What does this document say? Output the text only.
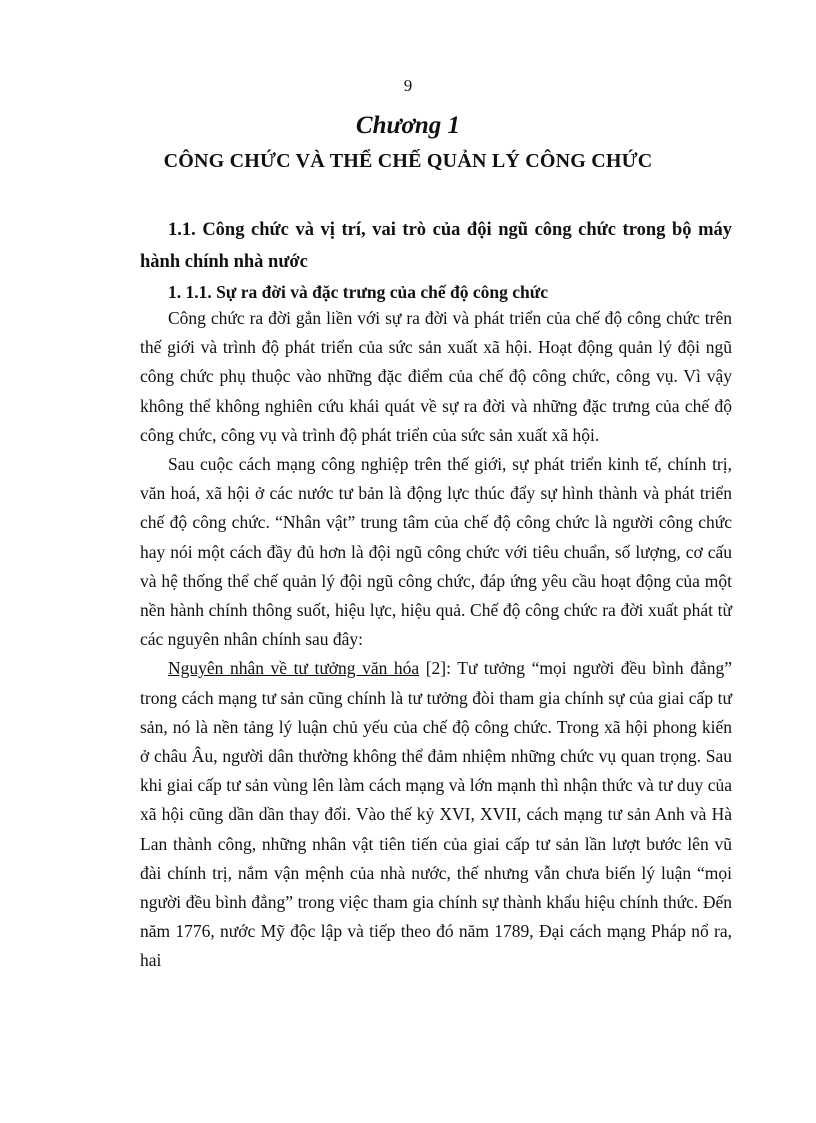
9
Chương 1
CÔNG CHỨC VÀ THỂ CHẾ QUẢN LÝ CÔNG CHỨC
1.1. Công chức và vị trí, vai trò của đội ngũ công chức trong bộ máy hành chính nhà nước
1. 1.1. Sự ra đời và đặc trưng của chế độ công chức

Công chức ra đời gắn liền với sự ra đời và phát triển của chế độ công chức trên thế giới và trình độ phát triển của sức sản xuất xã hội. Hoạt động quản lý đội ngũ công chức phụ thuộc vào những đặc điểm của chế độ công chức, công vụ. Vì vậy không thể không nghiên cứu khái quát về sự ra đời và những đặc trưng của chế độ công chức, công vụ và trình độ phát triển của sức sản xuất xã hội.

Sau cuộc cách mạng công nghiệp trên thế giới, sự phát triển kinh tế, chính trị, văn hoá, xã hội ở các nước tư bản là động lực thúc đẩy sự hình thành và phát triển chế độ công chức. “Nhân vật” trung tâm của chế độ công chức là người công chức hay nói một cách đầy đủ hơn là đội ngũ công chức với tiêu chuẩn, số lượng, cơ cấu và hệ thống thể chế quản lý đội ngũ công chức, đáp ứng yêu cầu hoạt động của một nền hành chính thông suốt, hiệu lực, hiệu quả. Chế độ công chức ra đời xuất phát từ các nguyên nhân chính sau đây:

Nguyên nhân về tư tưởng văn hóa [2]: Tư tưởng “mọi người đều bình đẳng” trong cách mạng tư sản cũng chính là tư tưởng đòi tham gia chính sự của giai cấp tư sản, nó là nền tảng lý luận chủ yếu của chế độ công chức. Trong xã hội phong kiến ở châu Âu, người dân thường không thể đảm nhiệm những chức vụ quan trọng. Sau khi giai cấp tư sản vùng lên làm cách mạng và lớn mạnh thì nhận thức và tư duy của xã hội cũng dần dần thay đổi. Vào thế kỷ XVI, XVII, cách mạng tư sản Anh và Hà Lan thành công, những nhân vật tiên tiến của giai cấp tư sản lần lượt bước lên vũ đài chính trị, nắm vận mệnh của nhà nước, thế nhưng vẫn chưa biến lý luận “mọi người đều bình đẳng” trong việc tham gia chính sự thành khẩu hiệu chính thức. Đến năm 1776, nước Mỹ độc lập và tiếp theo đó năm 1789, Đại cách mạng Pháp nổ ra, hai
